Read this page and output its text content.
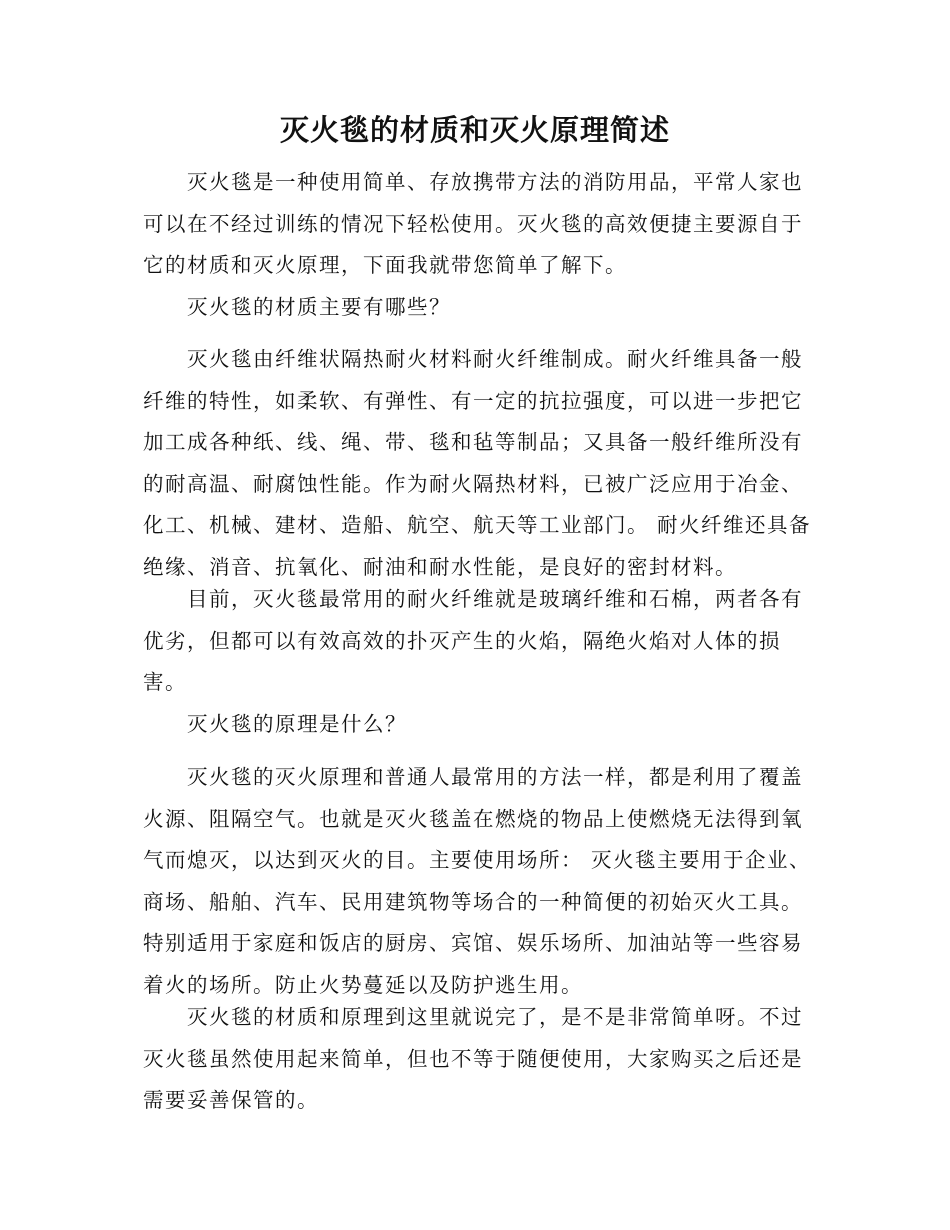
灭火毯的材质和灭火原理简述
灭火毯是一种使用简单、存放携带方法的消防用品，平常人家也
可以在不经过训练的情况下轻松使用。灭火毯的高效便捷主要源自于
它的材质和灭火原理，下面我就带您简单了解下。
灭火毯的材质主要有哪些？
灭火毯由纤维状隔热耐火材料耐火纤维制成。耐火纤维具备一般
纤维的特性，如柔软、有弹性、有一定的抗拉强度，可以进一步把它
加工成各种纸、线、绳、带、毯和毡等制品；又具备一般纤维所没有
的耐高温、耐腐蚀性能。作为耐火隔热材料，已被广泛应用于冶金、
化工、机械、建材、造船、航空、航天等工业部门。 耐火纤维还具备
绝缘、消音、抗氧化、耐油和耐水性能，是良好的密封材料。
目前，灭火毯最常用的耐火纤维就是玻璃纤维和石棉，两者各有
优劣，但都可以有效高效的扑灭产生的火焰，隔绝火焰对人体的损
害。
灭火毯的原理是什么？
灭火毯的灭火原理和普通人最常用的方法一样，都是利用了覆盖
火源、阻隔空气。也就是灭火毯盖在燃烧的物品上使燃烧无法得到氧
气而熄灭，以达到灭火的目。主要使用场所： 灭火毯主要用于企业、
商场、船舶、汽车、民用建筑物等场合的一种简便的初始灭火工具。
特别适用于家庭和饭店的厨房、宾馆、娱乐场所、加油站等一些容易
着火的场所。防止火势蔓延以及防护逃生用。
灭火毯的材质和原理到这里就说完了，是不是非常简单呀。不过
灭火毯虽然使用起来简单，但也不等于随便使用，大家购买之后还是
需要妥善保管的。
